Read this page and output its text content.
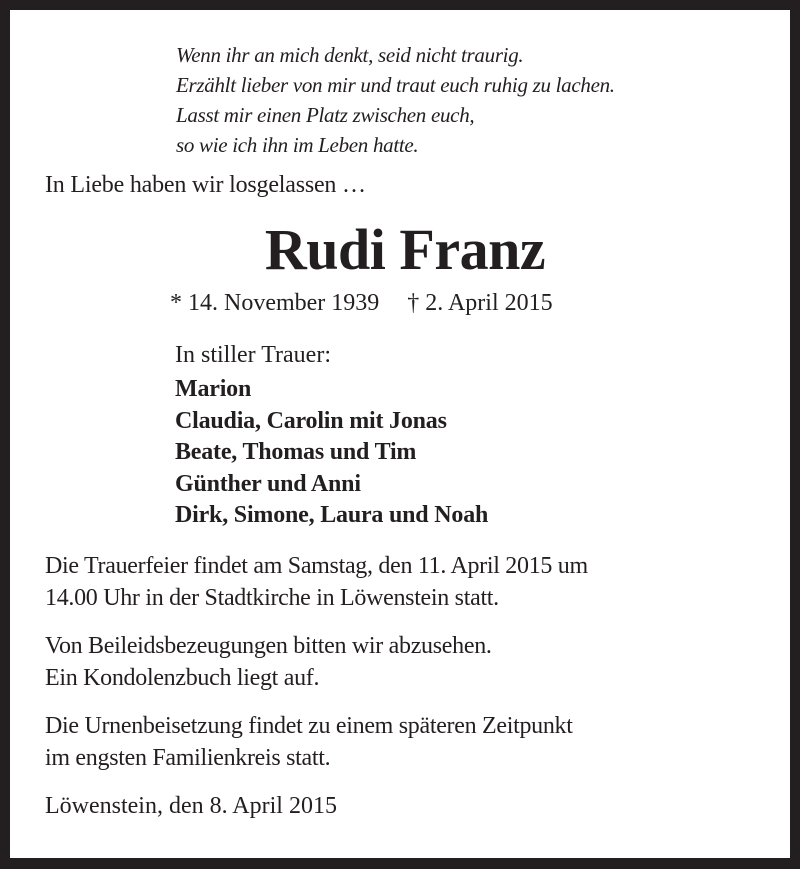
Wenn ihr an mich denkt, seid nicht traurig.
Erzählt lieber von mir und traut euch ruhig zu lachen.
Lasst mir einen Platz zwischen euch,
so wie ich ihn im Leben hatte.
In Liebe haben wir losgelassen …
Rudi Franz
* 14. November 1939 † 2. April 2015
In stiller Trauer:
Marion
Claudia, Carolin mit Jonas
Beate, Thomas und Tim
Günther und Anni
Dirk, Simone, Laura und Noah
Die Trauerfeier findet am Samstag, den 11. April 2015 um
14.00 Uhr in der Stadtkirche in Löwenstein statt.
Von Beileidsbezeugungen bitten wir abzusehen.
Ein Kondolenzbuch liegt auf.
Die Urnenbeisetzung findet zu einem späteren Zeitpunkt
im engsten Familienkreis statt.
Löwenstein, den 8. April 2015
